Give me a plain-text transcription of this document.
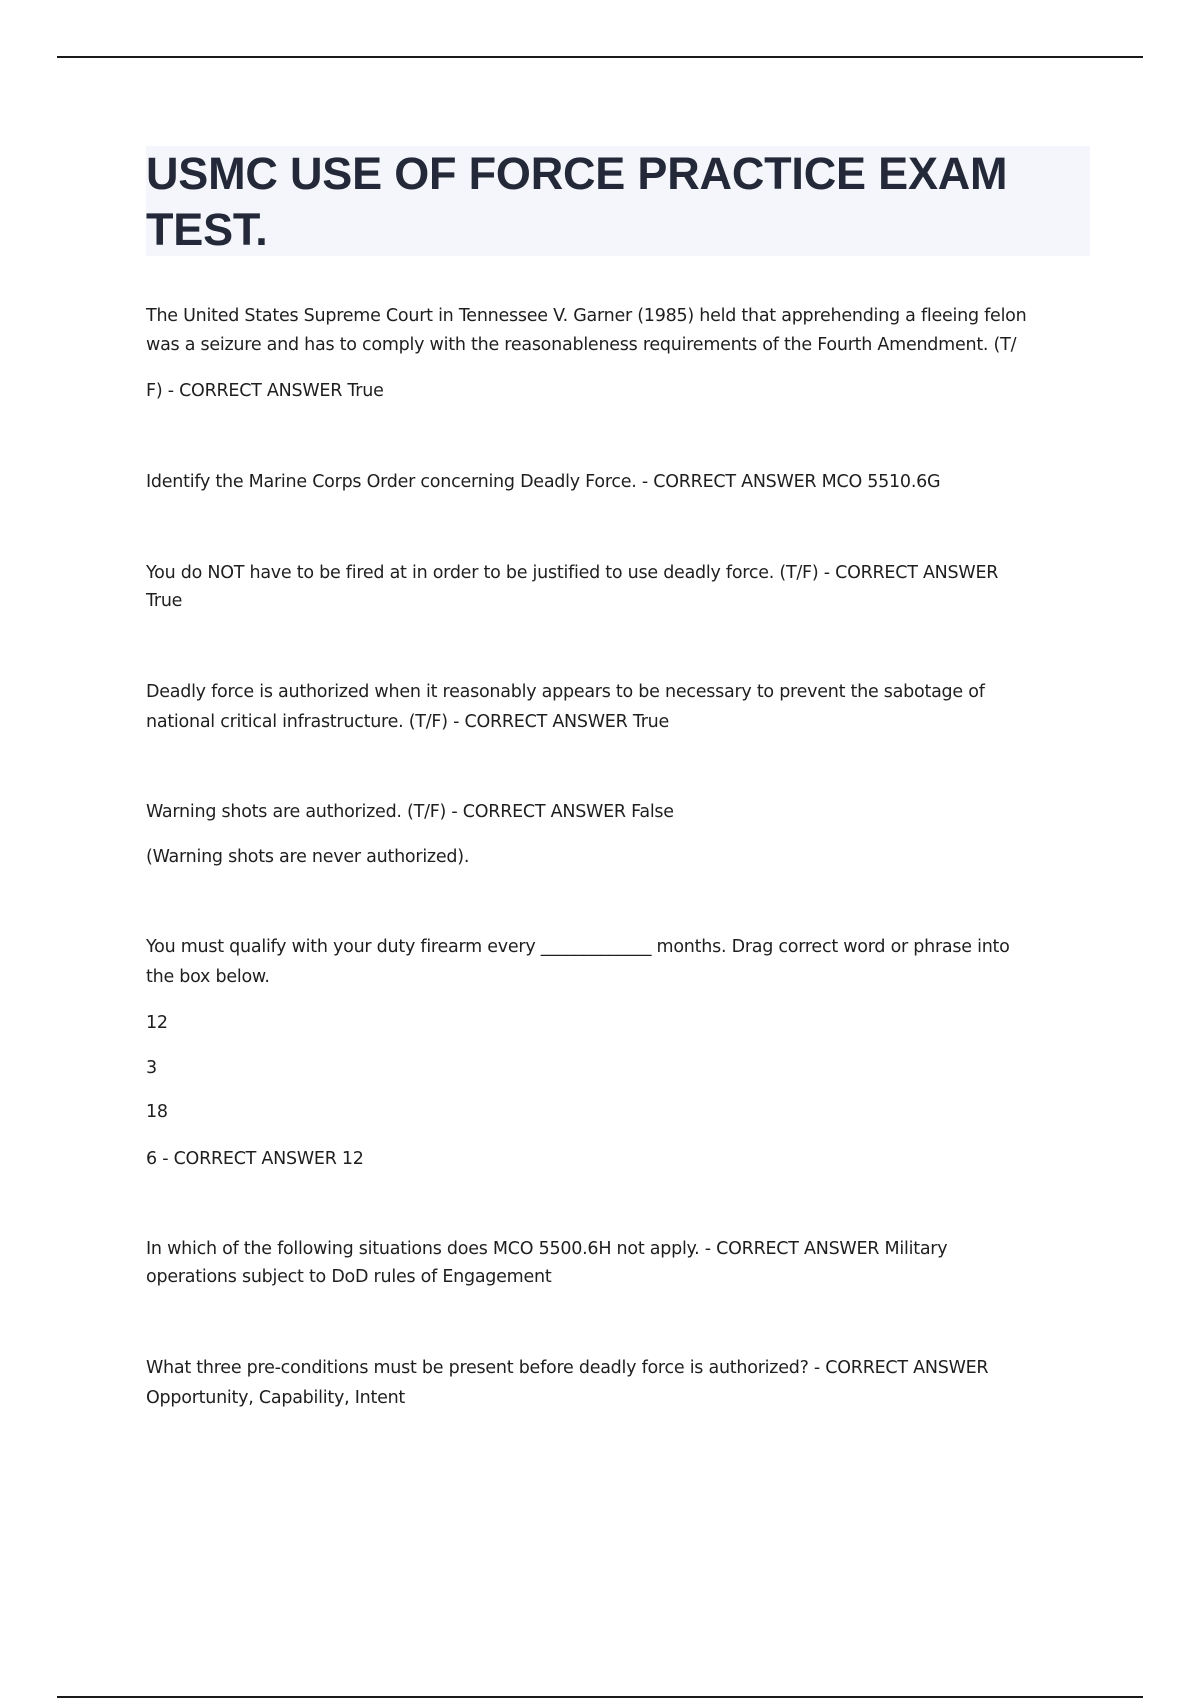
USMC USE OF FORCE PRACTICE EXAM
TEST.
The United States Supreme Court in Tennessee V. Garner (1985) held that apprehending a fleeing felon
was a seizure and has to comply with the reasonableness requirements of the Fourth Amendment. (T/
F) - CORRECT ANSWER True
Identify the Marine Corps Order concerning Deadly Force. - CORRECT ANSWER MCO 5510.6G
You do NOT have to be fired at in order to be justified to use deadly force. (T/F) - CORRECT ANSWER
True
Deadly force is authorized when it reasonably appears to be necessary to prevent the sabotage of
national critical infrastructure. (T/F) - CORRECT ANSWER True
Warning shots are authorized. (T/F) - CORRECT ANSWER False
(Warning shots are never authorized).
You must qualify with your duty firearm every _____________ months. Drag correct word or phrase into
the box below.
12
3
18
6 - CORRECT ANSWER 12
In which of the following situations does MCO 5500.6H not apply. - CORRECT ANSWER Military
operations subject to DoD rules of Engagement
What three pre-conditions must be present before deadly force is authorized? - CORRECT ANSWER
Opportunity, Capability, Intent
